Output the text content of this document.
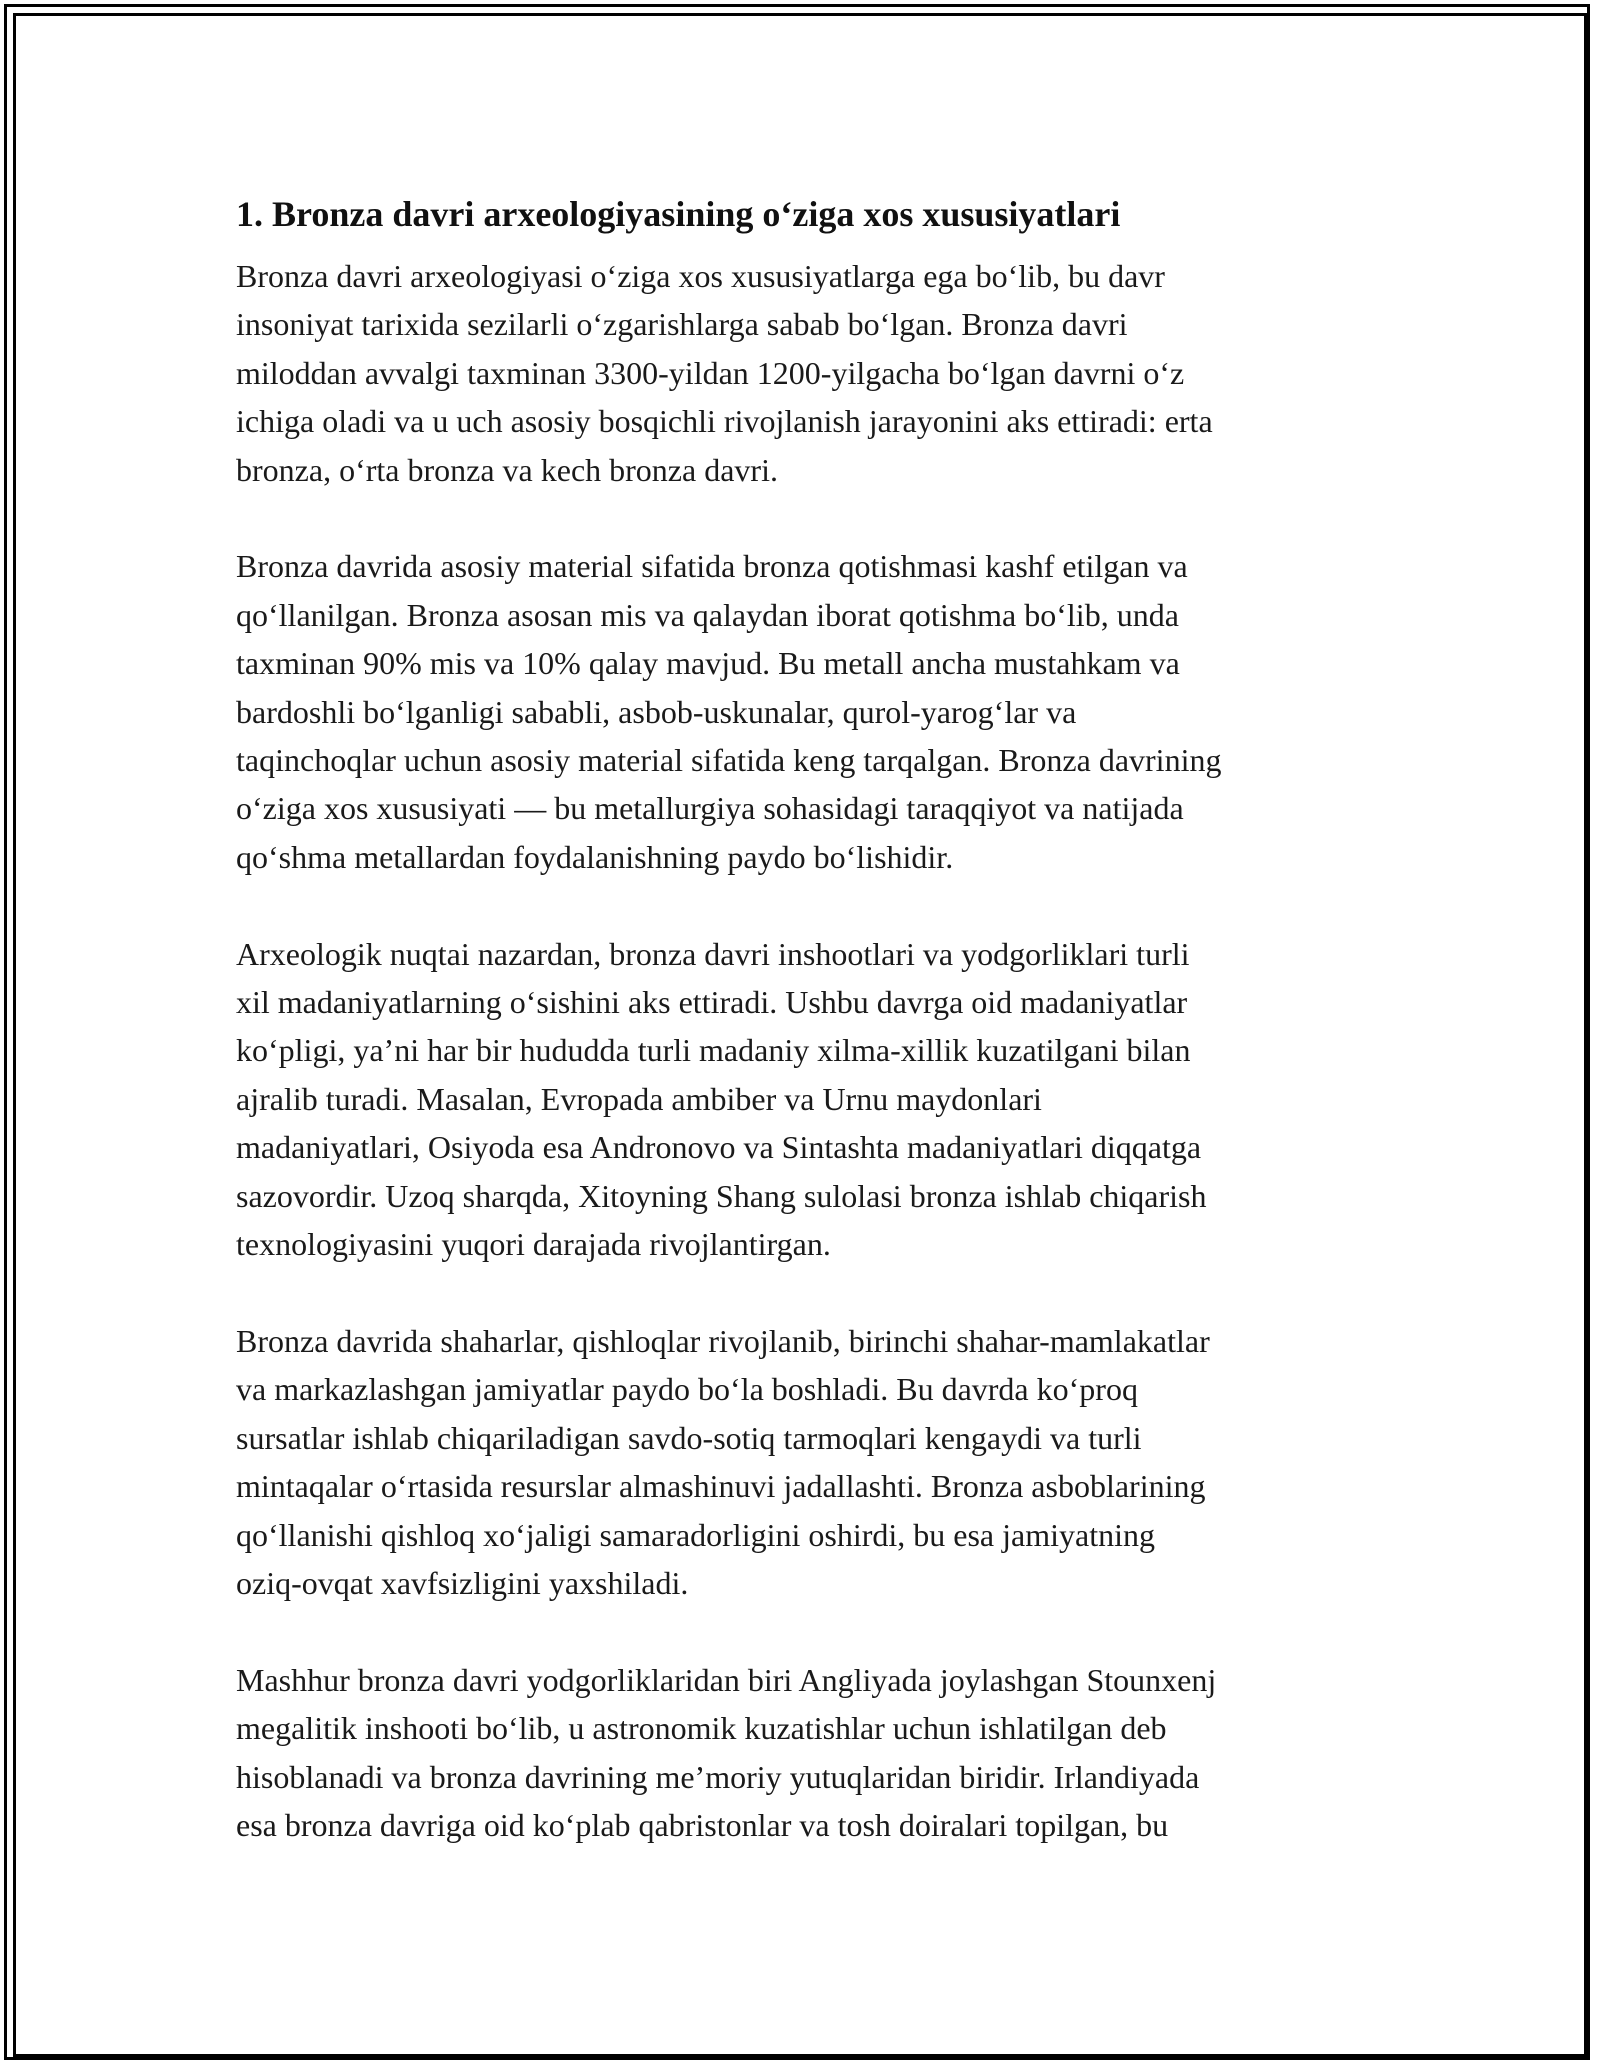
1. Bronza davri arxeologiyasining oʻziga xos xususiyatlari
Bronza davri arxeologiyasi oʻziga xos xususiyatlarga ega boʻlib, bu davr
insoniyat tarixida sezilarli oʻzgarishlarga sabab boʻlgan. Bronza davri
miloddan avvalgi taxminan 3300-yildan 1200-yilgacha boʻlgan davrni oʻz
ichiga oladi va u uch asosiy bosqichli rivojlanish jarayonini aks ettiradi: erta
bronza, oʻrta bronza va kech bronza davri.
Bronza davrida asosiy material sifatida bronza qotishmasi kashf etilgan va
qoʻllanilgan. Bronza asosan mis va qalaydan iborat qotishma boʻlib, unda
taxminan 90% mis va 10% qalay mavjud. Bu metall ancha mustahkam va
bardoshli boʻlganligi sababli, asbob-uskunalar, qurol-yarogʻlar va
taqinchoqlar uchun asosiy material sifatida keng tarqalgan. Bronza davrining
oʻziga xos xususiyati — bu metallurgiya sohasidagi taraqqiyot va natijada
qoʻshma metallardan foydalanishning paydo boʻlishidir.
Arxeologik nuqtai nazardan, bronza davri inshootlari va yodgorliklari turli
xil madaniyatlarning oʻsishini aks ettiradi. Ushbu davrga oid madaniyatlar
koʻpligi, yaʼni har bir hududda turli madaniy xilma-xillik kuzatilgani bilan
ajralib turadi. Masalan, Evropada ambiber va Urnu maydonlari
madaniyatlari, Osiyoda esa Andronovo va Sintashta madaniyatlari diqqatga
sazovordir. Uzoq sharqda, Xitoyning Shang sulolasi bronza ishlab chiqarish
texnologiyasini yuqori darajada rivojlantirgan.
Bronza davrida shaharlar, qishloqlar rivojlanib, birinchi shahar-mamlakatlar
va markazlashgan jamiyatlar paydo boʻla boshladi. Bu davrda koʻproq
sursatlar ishlab chiqariladigan savdo-sotiq tarmoqlari kengaydi va turli
mintaqalar oʻrtasida resurslar almashinuvi jadallashti. Bronza asboblarining
qoʻllanishi qishloq xoʻjaligi samaradorligini oshirdi, bu esa jamiyatning
oziq-ovqat xavfsizligini yaxshiladi.
Mashhur bronza davri yodgorliklaridan biri Angliyada joylashgan Stounxenj
megalitik inshooti boʻlib, u astronomik kuzatishlar uchun ishlatilgan deb
hisoblanadi va bronza davrining meʼmoriy yutuqlaridan biridir. Irlandiyada
esa bronza davriga oid koʻplab qabristonlar va tosh doiralari topilgan, bu
